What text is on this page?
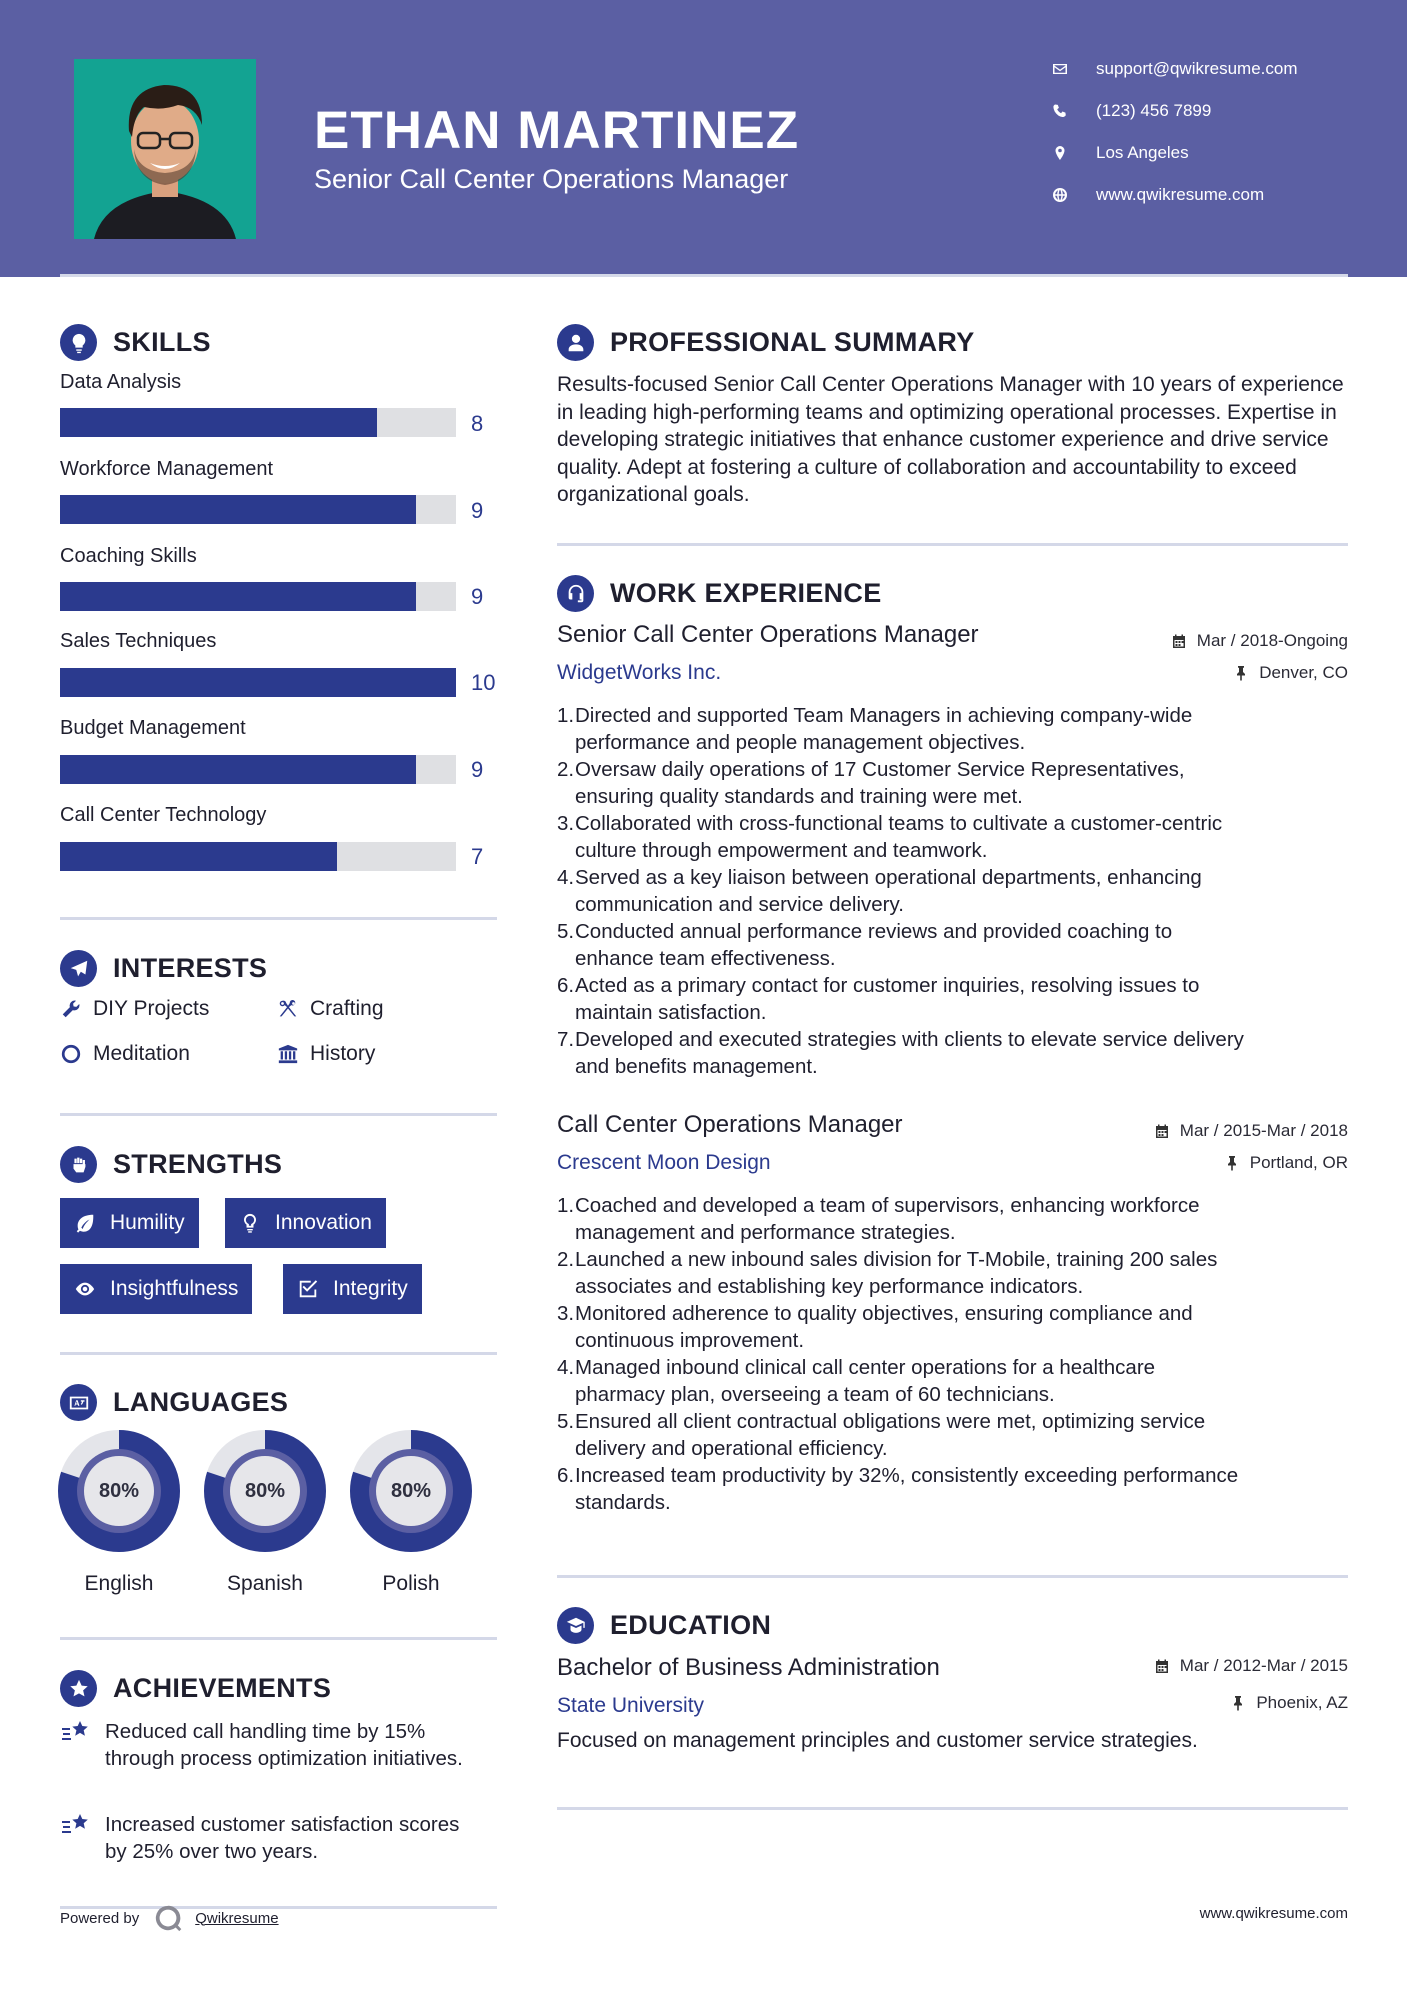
ETHAN MARTINEZ
Senior Call Center Operations Manager
support@qwikresume.com
(123) 456 7899
Los Angeles
www.qwikresume.com
SKILLS
Data Analysis
8
Workforce Management
9
Coaching Skills
9
Sales Techniques
10
Budget Management
9
Call Center Technology
7
INTERESTS
DIY Projects	Crafting
Meditation	History
STRENGTHS
Humility	Innovation
Insightfulness	Integrity
LANGUAGES
80%
English
80%
Spanish
80%
Polish
ACHIEVEMENTS
Reduced call handling time by 15% through process optimization initiatives.
Increased customer satisfaction scores by 25% over two years.
PROFESSIONAL SUMMARY
Results-focused Senior Call Center Operations Manager with 10 years of experience in leading high-performing teams and optimizing operational processes. Expertise in developing strategic initiatives that enhance customer experience and drive service quality. Adept at fostering a culture of collaboration and accountability to exceed organizational goals.
WORK EXPERIENCE
Senior Call Center Operations Manager
WidgetWorks Inc.
Mar / 2018-Ongoing
Denver, CO
1. Directed and supported Team Managers in achieving company-wide
performance and people management objectives.
2. Oversaw daily operations of 17 Customer Service Representatives,
ensuring quality standards and training were met.
3. Collaborated with cross-functional teams to cultivate a customer-centric
culture through empowerment and teamwork.
4. Served as a key liaison between operational departments, enhancing
communication and service delivery.
5. Conducted annual performance reviews and provided coaching to
enhance team effectiveness.
6. Acted as a primary contact for customer inquiries, resolving issues to
maintain satisfaction.
7. Developed and executed strategies with clients to elevate service delivery
and benefits management.
Call Center Operations Manager
Crescent Moon Design
Mar / 2015-Mar / 2018
Portland, OR
1. Coached and developed a team of supervisors, enhancing workforce
management and performance strategies.
2. Launched a new inbound sales division for T-Mobile, training 200 sales
associates and establishing key performance indicators.
3. Monitored adherence to quality objectives, ensuring compliance and
continuous improvement.
4. Managed inbound clinical call center operations for a healthcare
pharmacy plan, overseeing a team of 60 technicians.
5. Ensured all client contractual obligations were met, optimizing service
delivery and operational efficiency.
6. Increased team productivity by 32%, consistently exceeding performance
standards.
EDUCATION
Bachelor of Business Administration
State University
Mar / 2012-Mar / 2015
Phoenix, AZ
Focused on management principles and customer service strategies.
Powered by	Qwikresume	www.qwikresume.com
